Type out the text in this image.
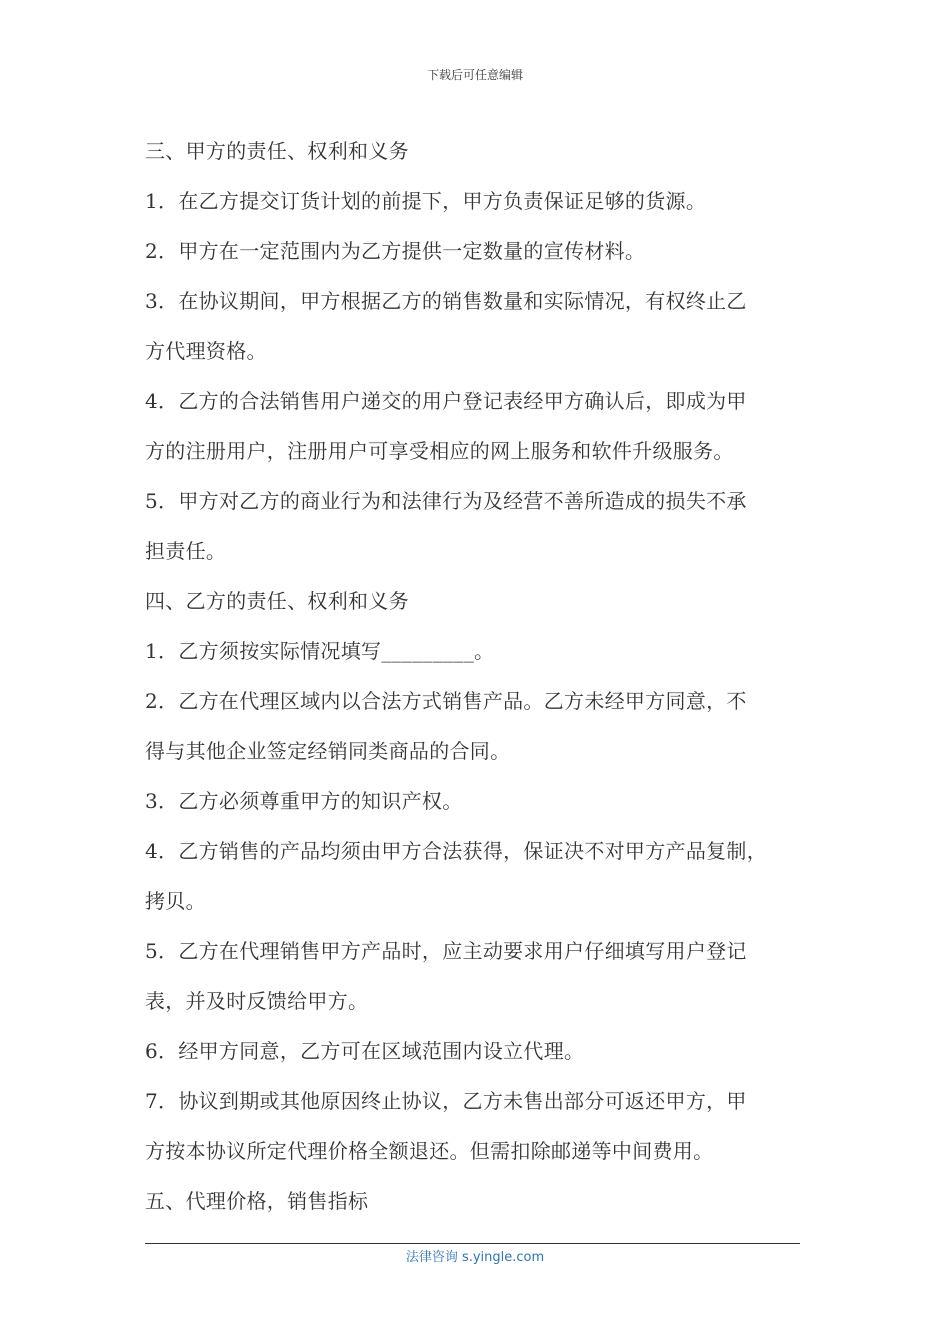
下载后可任意编辑
三、甲方的责任、权利和义务
1．在乙方提交订货计划的前提下，甲方负责保证足够的货源。
2．甲方在一定范围内为乙方提供一定数量的宣传材料。
3．在协议期间，甲方根据乙方的销售数量和实际情况，有权终止乙
方代理资格。
4．乙方的合法销售用户递交的用户登记表经甲方确认后，即成为甲
方的注册用户，注册用户可享受相应的网上服务和软件升级服务。
5．甲方对乙方的商业行为和法律行为及经营不善所造成的损失不承
担责任。
四、乙方的责任、权利和义务
1．乙方须按实际情况填写_________。
2．乙方在代理区域内以合法方式销售产品。乙方未经甲方同意，不
得与其他企业签定经销同类商品的合同。
3．乙方必须尊重甲方的知识产权。
4．乙方销售的产品均须由甲方合法获得，保证决不对甲方产品复制，
拷贝。
5．乙方在代理销售甲方产品时，应主动要求用户仔细填写用户登记
表，并及时反馈给甲方。
6．经甲方同意，乙方可在区域范围内设立代理。
7．协议到期或其他原因终止协议，乙方未售出部分可返还甲方，甲
方按本协议所定代理价格全额退还。但需扣除邮递等中间费用。
五、代理价格，销售指标
法律咨询 s.yingle.com
